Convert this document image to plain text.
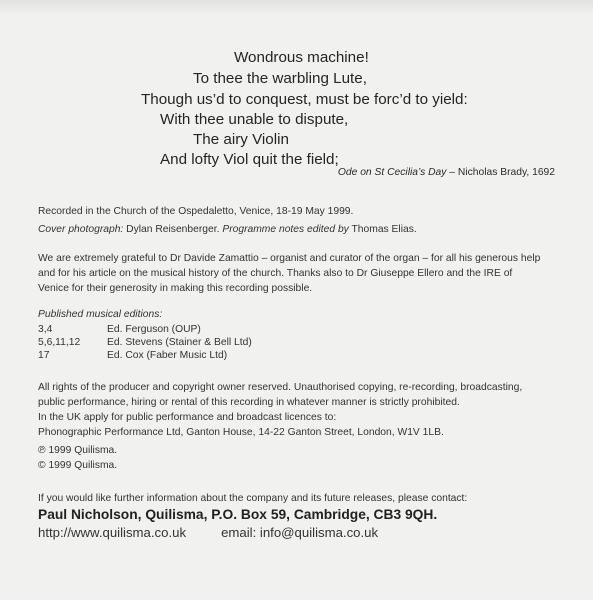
Wondrous machine!
To thee the warbling Lute,
Though us’d to conquest, must be forc’d to yield:
With thee unable to dispute,
The airy Violin
And lofty Viol quit the field;
Ode on St Cecilia’s Day – Nicholas Brady, 1692

Recorded in the Church of the Ospedaletto, Venice, 18-19 May 1999.

Cover photograph: Dylan Reisenberger. Programme notes edited by Thomas Elias.

We are extremely grateful to Dr Davide Zamattio – organist and curator of the organ – for all his generous help

and for his article on the musical history of the church. Thanks also to Dr Giuseppe Ellero and the IRE of

Venice for their generosity in making this recording possible.

Published musical editions:

3,4	Ed. Ferguson (OUP)
5,6,11,12	Ed. Stevens (Stainer & Bell Ltd)
17	Ed. Cox (Faber Music Ltd)

All rights of the producer and copyright owner reserved. Unauthorised copying, re-recording, broadcasting,

public performance, hiring or rental of this recording in whatever manner is strictly prohibited.

In the UK apply for public performance and broadcast licences to:

Phonographic Performance Ltd, Ganton House, 14-22 Ganton Street, London, W1V 1LB.

℗ 1999 Quilisma.

© 1999 Quilisma.

If you would like further information about the company and its future releases, please contact:

Paul Nicholson, Quilisma, P.O. Box 59, Cambridge, CB3 9QH.

http://www.quilisma.co.uk	email: info@quilisma.co.uk
